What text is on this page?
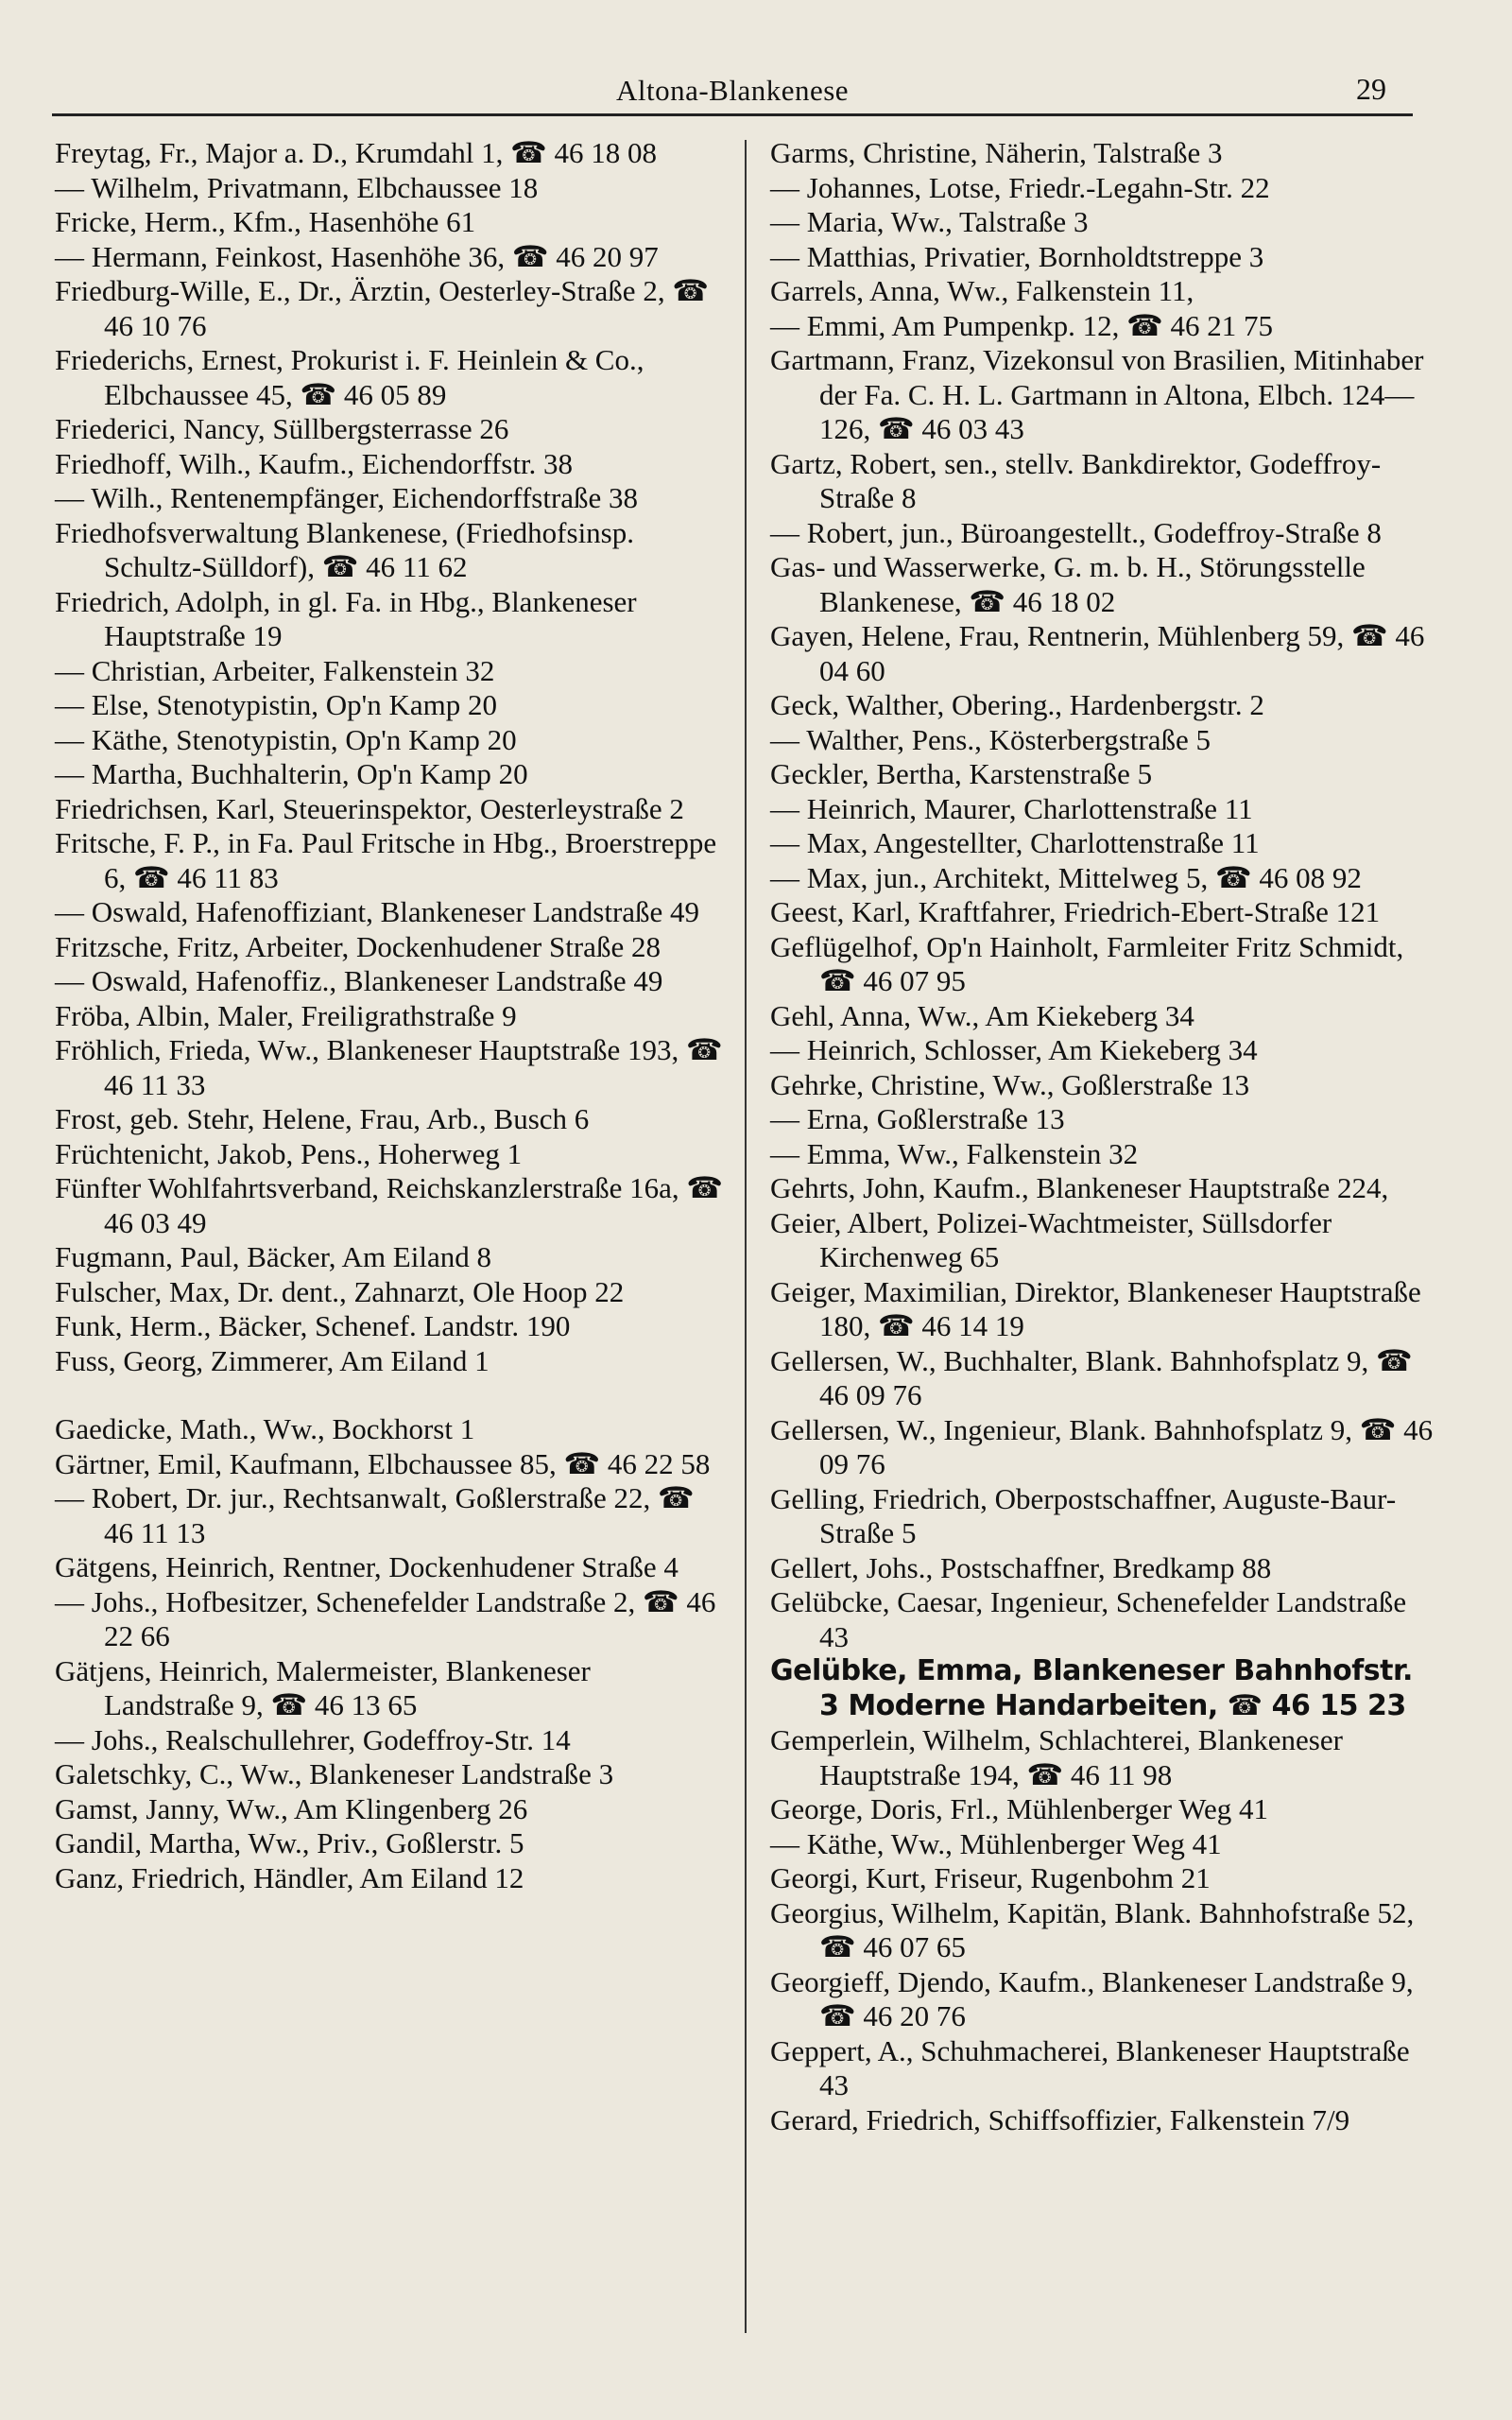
Altona-Blankenese	29

Freytag, Fr., Major a. D., Krumdahl 1, ☎ 46 18 08

— Wilhelm, Privatmann, Elbchaussee 18

Fricke, Herm., Kfm., Hasenhöhe 61

— Hermann, Feinkost, Hasenhöhe 36, ☎ 46 20 97

Friedburg-Wille, E., Dr., Ärztin, Oesterley-Straße 2, ☎ 46 10 76

Friederichs, Ernest, Prokurist i. F. Heinlein & Co., Elbchaussee 45, ☎ 46 05 89

Friederici, Nancy, Süllbergsterrasse 26

Friedhoff, Wilh., Kaufm., Eichendorffstr. 38

— Wilh., Rentenempfänger, Eichendorffstraße 38

Friedhofsverwaltung Blankenese, (Friedhofsinsp. Schultz-Sülldorf), ☎ 46 11 62

Friedrich, Adolph, in gl. Fa. in Hbg., Blankeneser Hauptstraße 19

— Christian, Arbeiter, Falkenstein 32

— Else, Stenotypistin, Op'n Kamp 20

— Käthe, Stenotypistin, Op'n Kamp 20

— Martha, Buchhalterin, Op'n Kamp 20

Friedrichsen, Karl, Steuerinspektor, Oesterleystraße 2

Fritsche, F. P., in Fa. Paul Fritsche in Hbg., Broerstreppe 6, ☎ 46 11 83

— Oswald, Hafenoffiziant, Blankeneser Landstraße 49

Fritzsche, Fritz, Arbeiter, Dockenhudener Straße 28

— Oswald, Hafenoffiz., Blankeneser Landstraße 49

Fröba, Albin, Maler, Freiligrathstraße 9

Fröhlich, Frieda, Ww., Blankeneser Hauptstraße 193, ☎ 46 11 33

Frost, geb. Stehr, Helene, Frau, Arb., Busch 6

Früchtenicht, Jakob, Pens., Hoherweg 1

Fünfter Wohlfahrtsverband, Reichskanzlerstraße 16a, ☎ 46 03 49

Fugmann, Paul, Bäcker, Am Eiland 8

Fulscher, Max, Dr. dent., Zahnarzt, Ole Hoop 22

Funk, Herm., Bäcker, Schenef. Landstr. 190

Fuss, Georg, Zimmerer, Am Eiland 1

Gaedicke, Math., Ww., Bockhorst 1

Gärtner, Emil, Kaufmann, Elbchaussee 85, ☎ 46 22 58

— Robert, Dr. jur., Rechtsanwalt, Goßlerstraße 22, ☎ 46 11 13

Gätgens, Heinrich, Rentner, Dockenhudener Straße 4

— Johs., Hofbesitzer, Schenefelder Landstraße 2, ☎ 46 22 66

Gätjens, Heinrich, Malermeister, Blankeneser Landstraße 9, ☎ 46 13 65

— Johs., Realschullehrer, Godeffroy-Str. 14

Galetschky, C., Ww., Blankeneser Landstraße 3

Gamst, Janny, Ww., Am Klingenberg 26

Gandil, Martha, Ww., Priv., Goßlerstr. 5

Ganz, Friedrich, Händler, Am Eiland 12

Garms, Christine, Näherin, Talstraße 3

— Johannes, Lotse, Friedr.-Legahn-Str. 22

— Maria, Ww., Talstraße 3

— Matthias, Privatier, Bornholdtstreppe 3

Garrels, Anna, Ww., Falkenstein 11,

— Emmi, Am Pumpenkp. 12, ☎ 46 21 75

Gartmann, Franz, Vizekonsul von Brasilien, Mitinhaber der Fa. C. H. L. Gartmann in Altona, Elbch. 124—126, ☎ 46 03 43

Gartz, Robert, sen., stellv. Bankdirektor, Godeffroy-Straße 8

— Robert, jun., Büroangestellt., Godeffroy-Straße 8

Gas- und Wasserwerke, G. m. b. H., Störungsstelle Blankenese, ☎ 46 18 02

Gayen, Helene, Frau, Rentnerin, Mühlenberg 59, ☎ 46 04 60

Geck, Walther, Obering., Hardenbergstr. 2

— Walther, Pens., Kösterbergstraße 5

Geckler, Bertha, Karstenstraße 5

— Heinrich, Maurer, Charlottenstraße 11

— Max, Angestellter, Charlottenstraße 11

— Max, jun., Architekt, Mittelweg 5, ☎ 46 08 92

Geest, Karl, Kraftfahrer, Friedrich-Ebert-Straße 121

Geflügelhof, Op'n Hainholt, Farmleiter Fritz Schmidt, ☎ 46 07 95

Gehl, Anna, Ww., Am Kiekeberg 34

— Heinrich, Schlosser, Am Kiekeberg 34

Gehrke, Christine, Ww., Goßlerstraße 13

— Erna, Goßlerstraße 13

— Emma, Ww., Falkenstein 32

Gehrts, John, Kaufm., Blankeneser Hauptstraße 224,

Geier, Albert, Polizei-Wachtmeister, Süllsdorfer Kirchenweg 65

Geiger, Maximilian, Direktor, Blankeneser Hauptstraße 180, ☎ 46 14 19

Gellersen, W., Buchhalter, Blank. Bahnhofsplatz 9, ☎ 46 09 76

Gellersen, W., Ingenieur, Blank. Bahnhofsplatz 9, ☎ 46 09 76

Gelling, Friedrich, Oberpostschaffner, Auguste-Baur-Straße 5

Gellert, Johs., Postschaffner, Bredkamp 88

Gelübcke, Caesar, Ingenieur, Schenefelder Landstraße 43

Gelübke, Emma, Blankeneser Bahnhofstr. 3 Moderne Handarbeiten, ☎ 46 15 23

Gemperlein, Wilhelm, Schlachterei, Blankeneser Hauptstraße 194, ☎ 46 11 98

George, Doris, Frl., Mühlenberger Weg 41

— Käthe, Ww., Mühlenberger Weg 41

Georgi, Kurt, Friseur, Rugenbohm 21

Georgius, Wilhelm, Kapitän, Blank. Bahnhofstraße 52, ☎ 46 07 65

Georgieff, Djendo, Kaufm., Blankeneser Landstraße 9, ☎ 46 20 76

Geppert, A., Schuhmacherei, Blankeneser Hauptstraße 43

Gerard, Friedrich, Schiffsoffizier, Falkenstein 7/9
